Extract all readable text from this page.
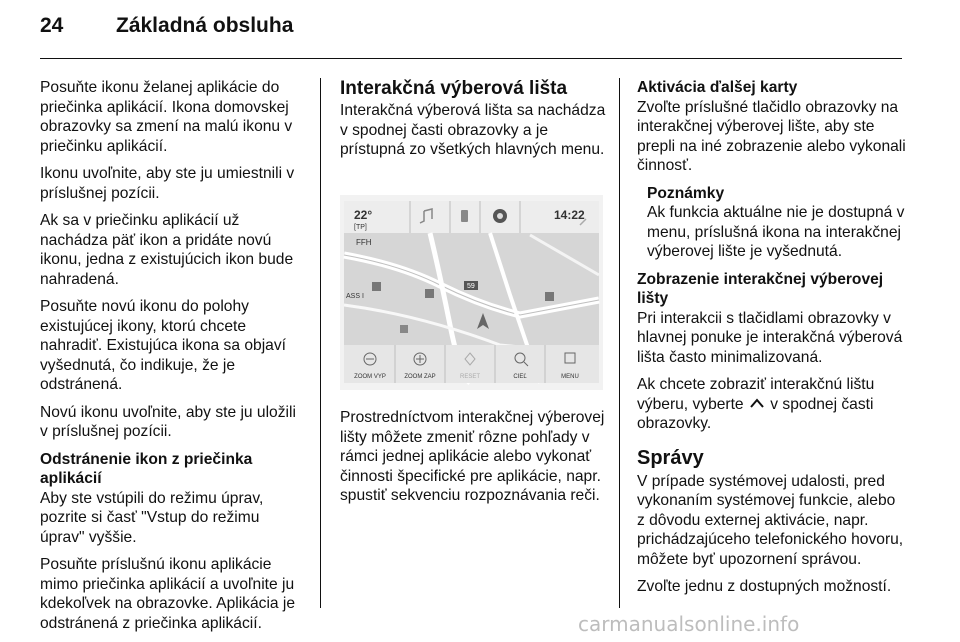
24	Základná obsluha

Posuňte ikonu želanej aplikácie do priečinka aplikácií. Ikona domovskej obrazovky sa zmení na malú ikonu v priečinku aplikácií.

Ikonu uvoľnite, aby ste ju umiestnili v príslušnej pozícii.

Ak sa v priečinku aplikácií už nachádza päť ikon a pridáte novú ikonu, jedna z existujúcich ikon bude nahradená.

Posuňte novú ikonu do polohy existujúcej ikony, ktorú chcete nahradiť. Existujúca ikona sa objaví vyšednutá, čo indikuje, že je odstránená.

Novú ikonu uvoľnite, aby ste ju uložili v príslušnej pozícii.

Odstránenie ikon z priečinka aplikácií

Aby ste vstúpili do režimu úprav, pozrite si časť "Vstup do režimu úprav" vyššie.

Posuňte príslušnú ikonu aplikácie mimo priečinka aplikácií a uvoľnite ju kdekoľvek na obrazovke. Aplikácia je odstránená z priečinka aplikácií.

Interakčná výberová lišta

Interakčná výberová lišta sa nachádza v spodnej časti obrazovky a je prístupná zo všetkých hlavných menu.

22°
[TP]
14:22
FFH
ASS I
59
ZOOM VYP	ZOOM ZAP	RESET	CIEĽ	MENU

Prostredníctvom interakčnej výberovej lišty môžete zmeniť rôzne pohľady v rámci jednej aplikácie alebo vykonať činnosti špecifické pre aplikácie, napr. spustiť sekvenciu rozpoznávania reči.

Aktivácia ďalšej karty

Zvoľte príslušné tlačidlo obrazovky na interakčnej výberovej lište, aby ste prepli na iné zobrazenie alebo vykonali činnosť.

Poznámky

Ak funkcia aktuálne nie je dostupná v menu, príslušná ikona na interakčnej výberovej lište je vyšednutá.

Zobrazenie interakčnej výberovej lišty

Pri interakcii s tlačidlami obrazovky v hlavnej ponuke je interakčná výberová lišta často minimalizovaná.

Ak chcete zobraziť interakčnú lištu výberu, vyberte v spodnej časti obrazovky.

Správy

V prípade systémovej udalosti, pred vykonaním systémovej funkcie, alebo z dôvodu externej aktivácie, napr. prichádzajúceho telefonického hovoru, môžete byť upozornení správou.

Zvoľte jednu z dostupných možností.

carmanualsonline.info
